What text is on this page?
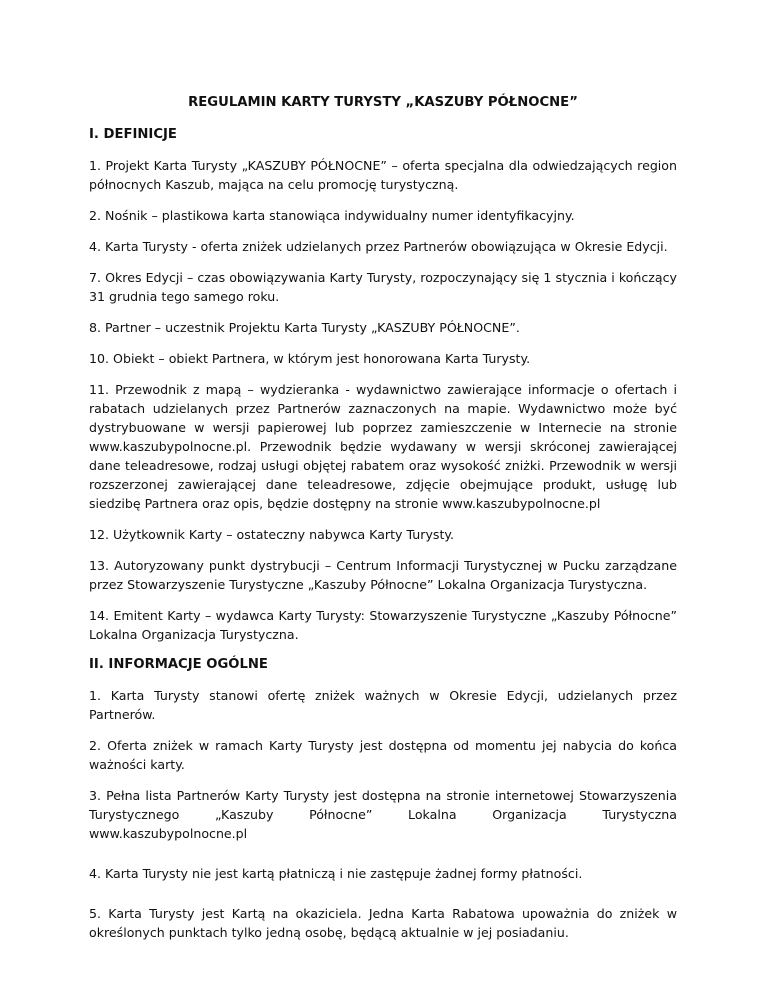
REGULAMIN KARTY TURYSTY „KASZUBY PÓŁNOCNE”
I. DEFINICJE

1. Projekt Karta Turysty „KASZUBY PÓŁNOCNE” – oferta specjalna dla odwiedzających region północnych Kaszub, mająca na celu promocję turystyczną.

2. Nośnik – plastikowa karta stanowiąca indywidualny numer identyfikacyjny.

4. Karta Turysty - oferta zniżek udzielanych przez Partnerów obowiązująca w Okresie Edycji.

7. Okres Edycji – czas obowiązywania Karty Turysty, rozpoczynający się 1 stycznia i kończący 31 grudnia tego samego roku.

8. Partner – uczestnik Projektu Karta Turysty „KASZUBY PÓŁNOCNE”.

10. Obiekt – obiekt Partnera, w którym jest honorowana Karta Turysty.

11. Przewodnik z mapą – wydzieranka - wydawnictwo zawierające informacje o ofertach i rabatach udzielanych przez Partnerów zaznaczonych na mapie. Wydawnictwo może być dystrybuowane w wersji papierowej lub poprzez zamieszczenie w Internecie na stronie www.kaszubypolnocne.pl. Przewodnik będzie wydawany w wersji skróconej zawierającej dane teleadresowe, rodzaj usługi objętej rabatem oraz wysokość zniżki. Przewodnik w wersji rozszerzonej zawierającej dane teleadresowe, zdjęcie obejmujące produkt, usługę lub siedzibę Partnera oraz opis, będzie dostępny na stronie www.kaszubypolnocne.pl

12. Użytkownik Karty – ostateczny nabywca Karty Turysty.

13. Autoryzowany punkt dystrybucji – Centrum Informacji Turystycznej w Pucku zarządzane przez Stowarzyszenie Turystyczne „Kaszuby Północne” Lokalna Organizacja Turystyczna.

14. Emitent Karty – wydawca Karty Turysty: Stowarzyszenie Turystyczne „Kaszuby Północne” Lokalna Organizacja Turystyczna.

II. INFORMACJE OGÓLNE

1. Karta Turysty stanowi ofertę zniżek ważnych w Okresie Edycji, udzielanych przez Partnerów.

2. Oferta zniżek w ramach Karty Turysty jest dostępna od momentu jej nabycia do końca ważności karty.

3. Pełna lista Partnerów Karty Turysty jest dostępna na stronie internetowej Stowarzyszenia Turystycznego „Kaszuby Północne” Lokalna Organizacja Turystyczna www.kaszubypolnocne.pl

4. Karta Turysty nie jest kartą płatniczą i nie zastępuje żadnej formy płatności.

5. Karta Turysty jest Kartą na okaziciela. Jedna Karta Rabatowa upoważnia do zniżek w określonych punktach tylko jedną osobę, będącą aktualnie w jej posiadaniu.
